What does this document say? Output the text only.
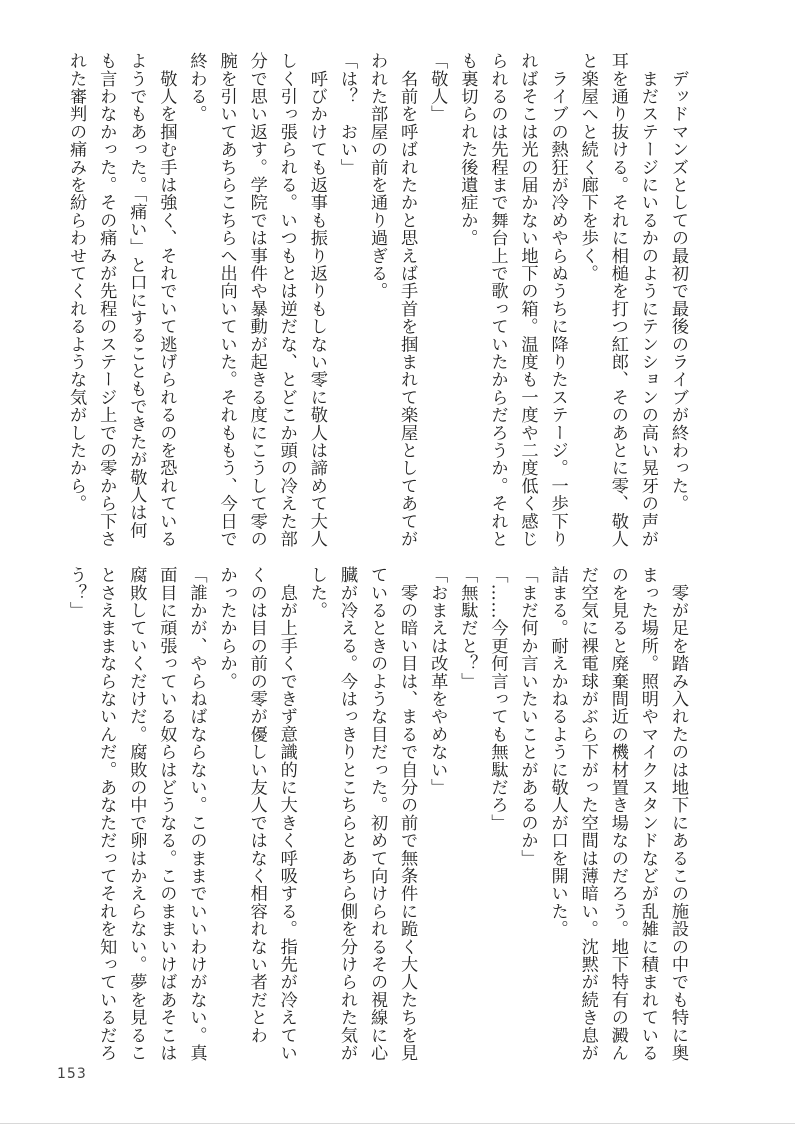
　デッドマンズとしての最初で最後のライブが終わった。
　まだステージにいるかのようにテンションの高い晃牙の声が
耳を通り抜ける。それに相槌を打つ紅郎、そのあとに零、敬人
と楽屋へと続く廊下を歩く。
　ライブの熱狂が冷めやらぬうちに降りたステージ。一歩下り
ればそこは光の届かない地下の箱。温度も一度や二度低く感じ
られるのは先程まで舞台上で歌っていたからだろうか。それと
も裏切られた後遺症か。
「敬人」
　名前を呼ばれたかと思えば手首を掴まれて楽屋としてあてが
われた部屋の前を通り過ぎる。
「は？　おい」
　呼びかけても返事も振り返りもしない零に敬人は諦めて大人
しく引っ張られる。いつもとは逆だな、とどこか頭の冷えた部
分で思い返す。学院では事件や暴動が起きる度にこうして零の
腕を引いてあちらこちらへ出向いていた。それももう、今日で
終わる。
　敬人を掴む手は強く、それでいて逃げられるのを恐れている
ようでもあった。「痛い」と口にすることもできたが敬人は何
も言わなかった。その痛みが先程のステージ上での零から下さ
れた審判の痛みを紛らわせてくれるような気がしたから。
　零が足を踏み入れたのは地下にあるこの施設の中でも特に奥
まった場所。照明やマイクスタンドなどが乱雑に積まれている
のを見ると廃棄間近の機材置き場なのだろう。地下特有の澱ん
だ空気に裸電球がぶら下がった空間は薄暗い。沈黙が続き息が
詰まる。耐えかねるように敬人が口を開いた。
「まだ何か言いたいことがあるのか」
「……今更何言っても無駄だろ」
「無駄だと？」
「おまえは改革をやめない」
　零の暗い目は、まるで自分の前で無条件に跪く大人たちを見
ているときのような目だった。初めて向けられるその視線に心
臓が冷える。今はっきりとこちらとあちら側を分けられた気が
した。
　息が上手くできず意識的に大きく呼吸する。指先が冷えてい
くのは目の前の零が優しい友人ではなく相容れない者だとわ
かったからか。
「誰かが、やらねばならない。このままでいいわけがない。真
面目に頑張っている奴らはどうなる。このままいけばあそこは
腐敗していくだけだ。腐敗の中で卵はかえらない。夢を見るこ
とさえままならないんだ。あなただってそれを知っているだろ
う？」
153
